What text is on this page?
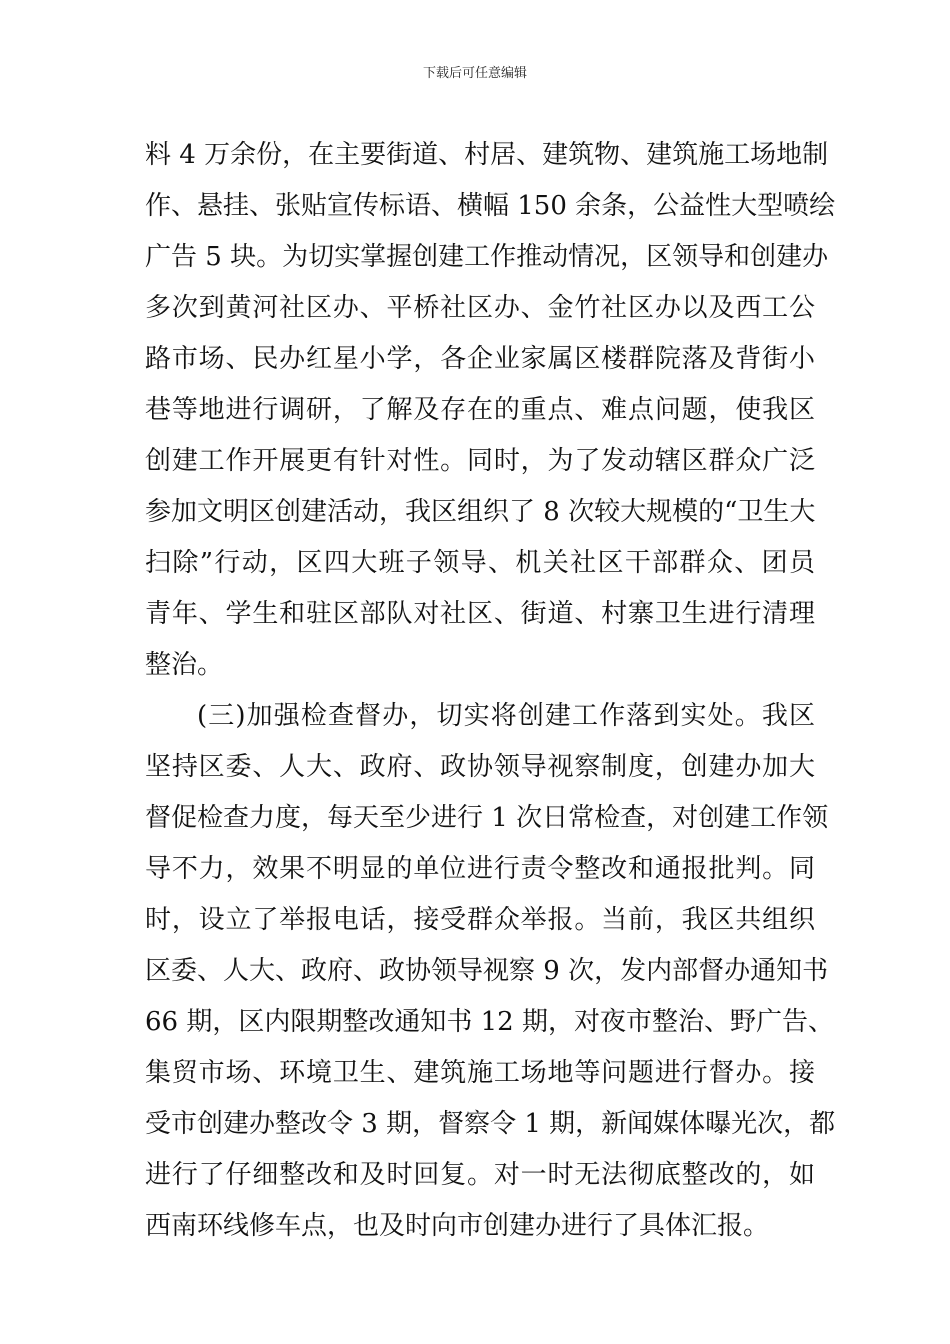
下载后可任意编辑
料 4 万余份，在主要街道、村居、建筑物、建筑施工场地制
作、悬挂、张贴宣传标语、横幅 150 余条，公益性大型喷绘
广告 5 块。为切实掌握创建工作推动情况，区领导和创建办
多次到黄河社区办、平桥社区办、金竹社区办以及西工公
路市场、民办红星小学，各企业家属区楼群院落及背街小
巷等地进行调研，了解及存在的重点、难点问题，使我区
创建工作开展更有针对性。同时，为了发动辖区群众广泛
参加文明区创建活动，我区组织了 8 次较大规模的“卫生大
扫除”行动，区四大班子领导、机关社区干部群众、团员
青年、学生和驻区部队对社区、街道、村寨卫生进行清理
整治。
(三)加强检查督办，切实将创建工作落到实处。我区
坚持区委、人大、政府、政协领导视察制度，创建办加大
督促检查力度，每天至少进行 1 次日常检查，对创建工作领
导不力，效果不明显的单位进行责令整改和通报批判。同
时，设立了举报电话，接受群众举报。当前，我区共组织
区委、人大、政府、政协领导视察 9 次，发内部督办通知书
66 期，区内限期整改通知书 12 期，对夜市整治、野广告、
集贸市场、环境卫生、建筑施工场地等问题进行督办。接
受市创建办整改令 3 期，督察令 1 期，新闻媒体曝光次，都
进行了仔细整改和及时回复。对一时无法彻底整改的，如
西南环线修车点，也及时向市创建办进行了具体汇报。
